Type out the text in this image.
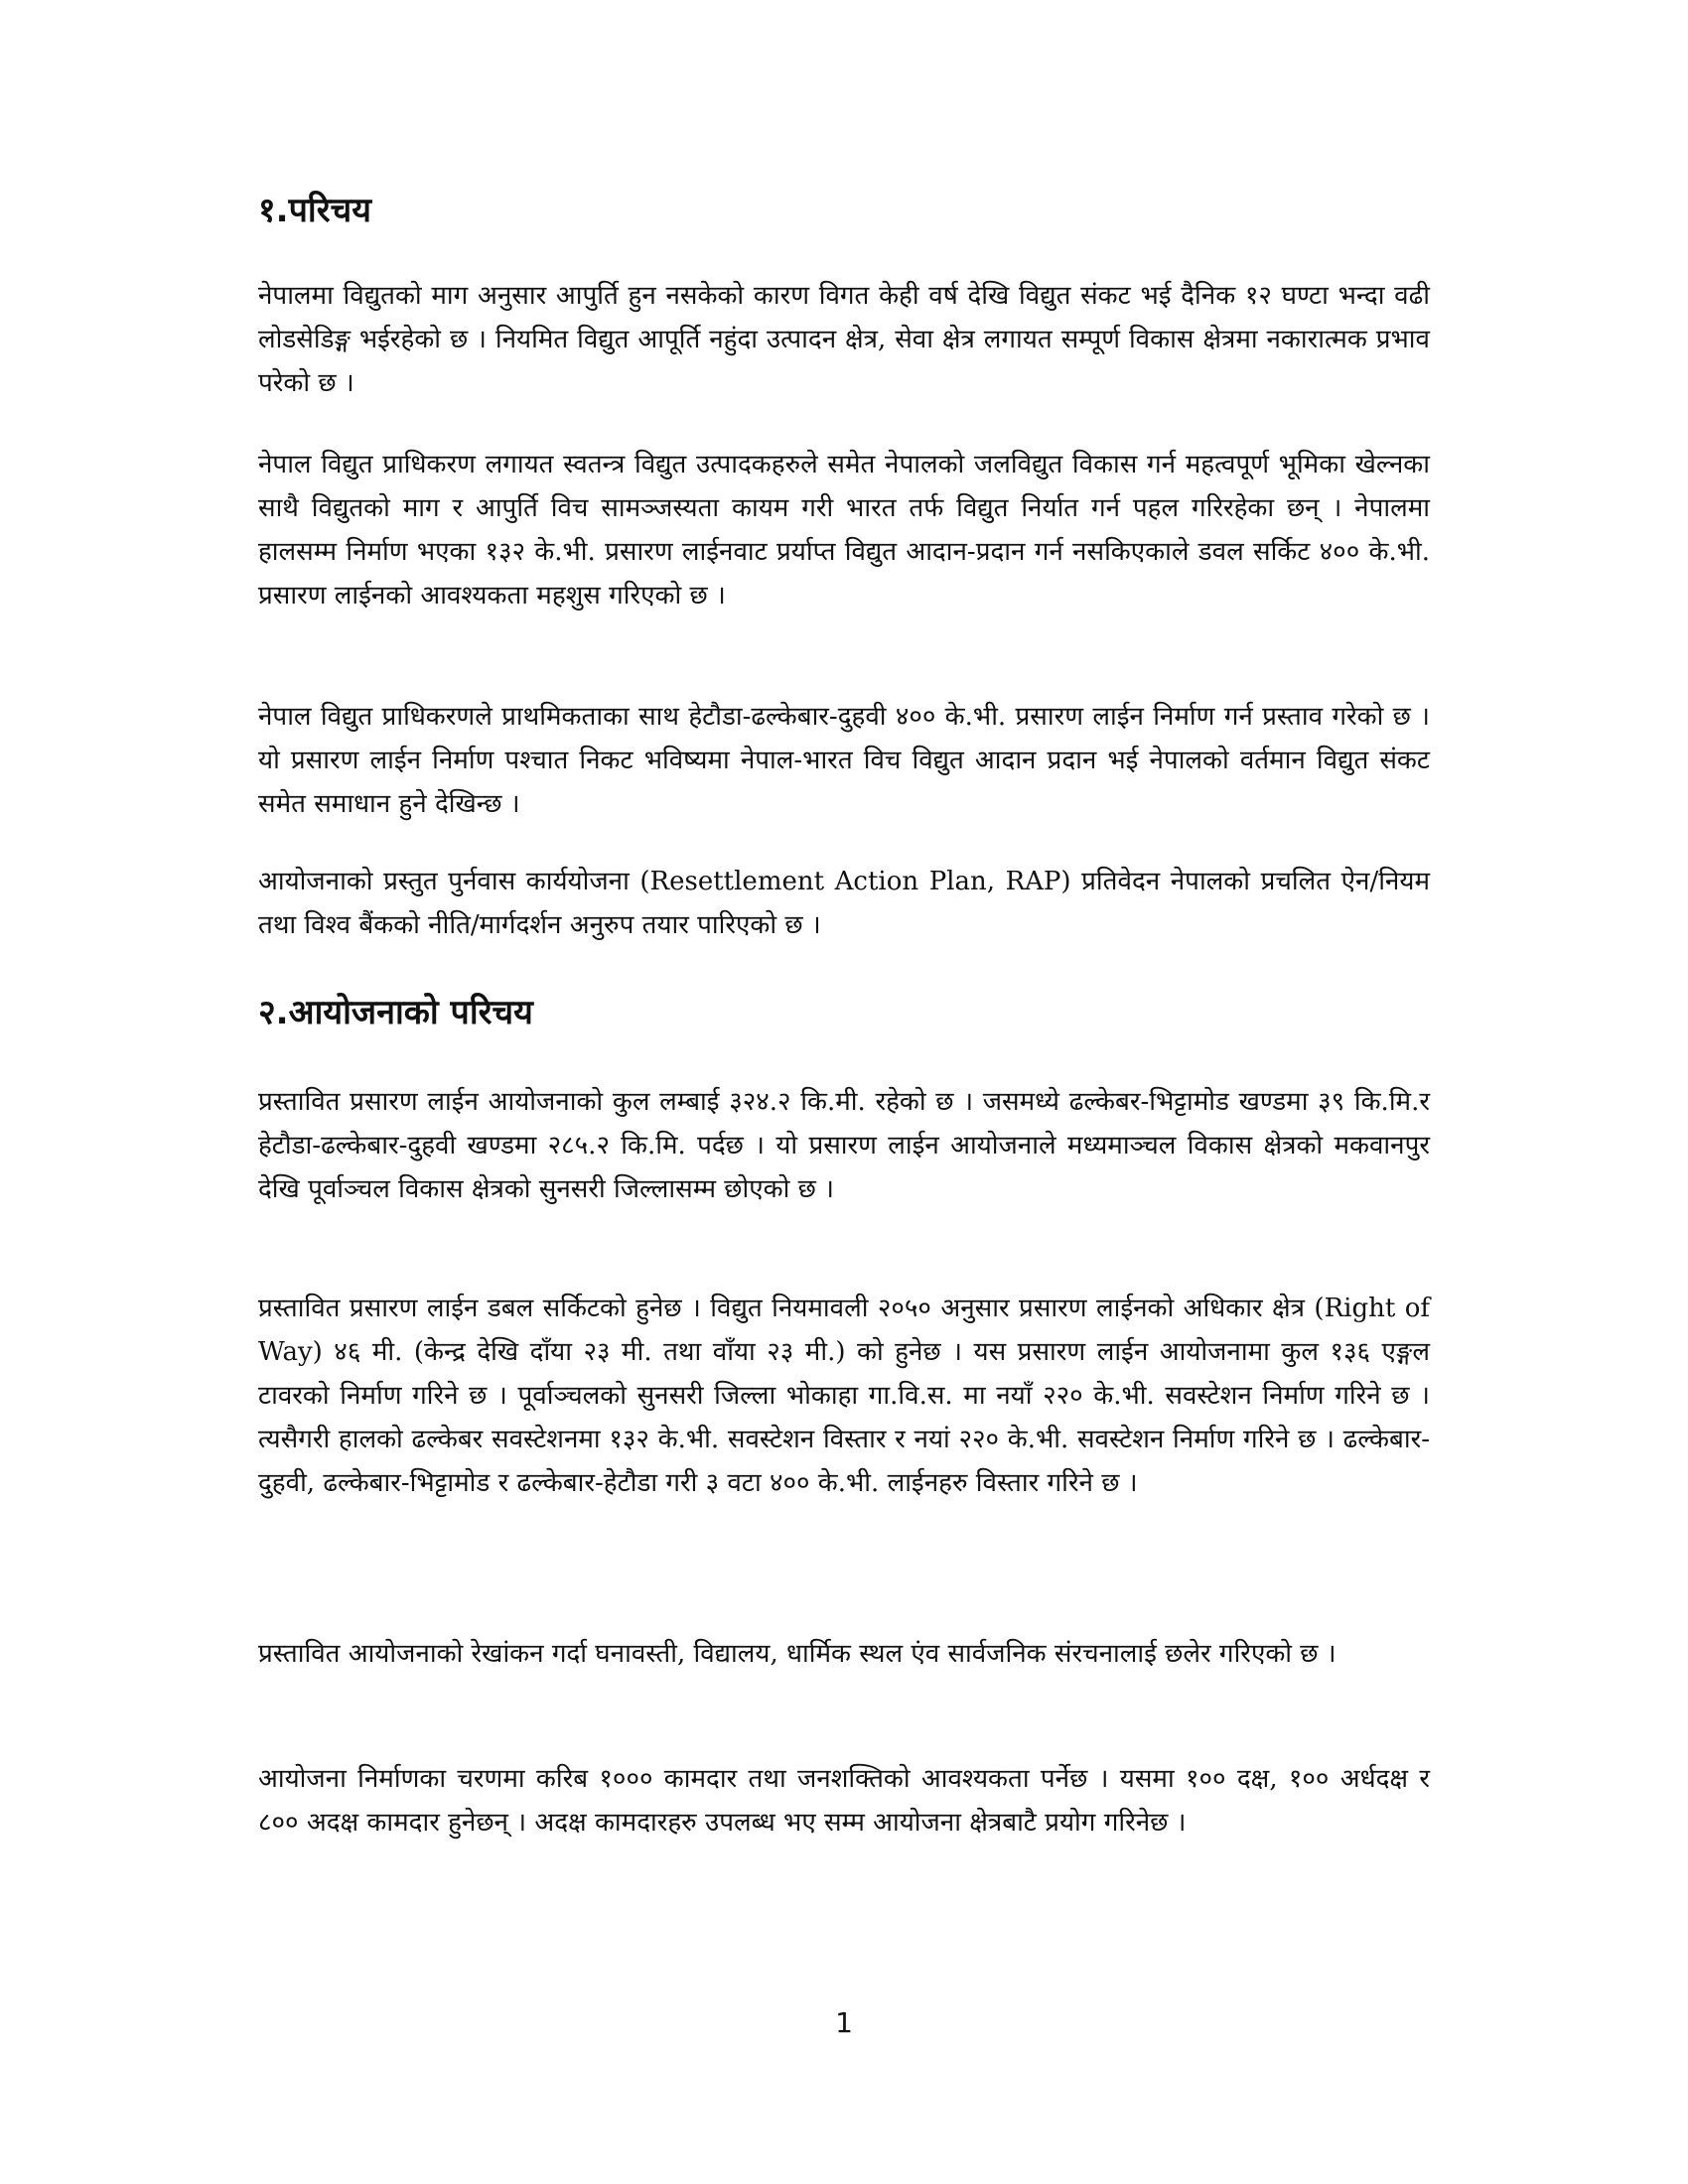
१.परिचय

नेपालमा विद्युतको माग अनुसार आपुर्ति हुन नसकेको कारण विगत केही वर्ष देखि विद्युत संकट भई दैनिक १२ घण्टा भन्दा वढी लोडसेडिङ्ग भईरहेको छ । नियमित विद्युत आपूर्ति नहुंदा उत्पादन क्षेत्र, सेवा क्षेत्र लगायत सम्पूर्ण विकास क्षेत्रमा नकारात्मक प्रभाव परेको छ ।

नेपाल विद्युत प्राधिकरण लगायत स्वतन्त्र विद्युत उत्पादकहरुले समेत नेपालको जलविद्युत विकास गर्न महत्वपूर्ण भूमिका खेल्नका साथै विद्युतको माग र आपुर्ति विच सामञ्जस्यता कायम गरी भारत तर्फ विद्युत निर्यात गर्न पहल गरिरहेका छन् । नेपालमा हालसम्म निर्माण भएका १३२ के.भी. प्रसारण लाईनवाट प्रर्याप्त विद्युत आदान-प्रदान गर्न नसकिएकाले डवल सर्किट ४०० के.भी. प्रसारण लाईनको आवश्यकता महशुस गरिएको छ ।

नेपाल विद्युत प्राधिकरणले प्राथमिकताका साथ हेटौडा-ढल्केबार-दुहवी ४०० के.भी. प्रसारण लाईन निर्माण गर्न प्रस्ताव गरेको छ । यो प्रसारण लाईन निर्माण पश्चात निकट भविष्यमा नेपाल-भारत विच विद्युत आदान प्रदान भई नेपालको वर्तमान विद्युत संकट समेत समाधान हुने देखिन्छ ।

आयोजनाको प्रस्तुत पुर्नवास कार्ययोजना (Resettlement Action Plan, RAP) प्रतिवेदन नेपालको प्रचलित ऐन/नियम तथा विश्व बैंकको नीति/मार्गदर्शन अनुरुप तयार पारिएको छ ।

२.आयोजनाको परिचय

प्रस्तावित प्रसारण लाईन आयोजनाको कुल लम्बाई ३२४.२ कि.मी. रहेको छ । जसमध्ये ढल्केबर-भिट्टामोड खण्डमा ३९ कि.मि.र हेटौडा-ढल्केबार-दुहवी खण्डमा २८५.२ कि.मि. पर्दछ । यो प्रसारण लाईन आयोजनाले मध्यमाञ्चल विकास क्षेत्रको मकवानपुर देखि पूर्वाञ्चल विकास क्षेत्रको सुनसरी जिल्लासम्म छोएको छ ।

प्रस्तावित प्रसारण लाईन डबल सर्किटको हुनेछ । विद्युत नियमावली २०५० अनुसार प्रसारण लाईनको अधिकार क्षेत्र (Right of Way) ४६ मी. (केन्द्र देखि दाँया २३ मी. तथा वाँया २३ मी.) को हुनेछ । यस प्रसारण लाईन आयोजनामा कुल १३६ एङ्गल टावरको निर्माण गरिने छ । पूर्वाञ्चलको सुनसरी जिल्ला भोकाहा गा.वि.स. मा नयाँ २२० के.भी. सवस्टेशन निर्माण गरिने छ । त्यसैगरी हालको ढल्केबर सवस्टेशनमा १३२ के.भी. सवस्टेशन विस्तार र नयां २२० के.भी. सवस्टेशन निर्माण गरिने छ । ढल्केबार-दुहवी, ढल्केबार-भिट्टामोड र ढल्केबार-हेटौडा गरी ३ वटा ४०० के.भी. लाईनहरु विस्तार गरिने छ ।

प्रस्तावित आयोजनाको रेखांकन गर्दा घनावस्ती, विद्यालय, धार्मिक स्थल एंव सार्वजनिक संरचनालाई छलेर गरिएको छ ।

आयोजना निर्माणका चरणमा करिब १००० कामदार तथा जनशक्तिको आवश्यकता पर्नेछ । यसमा १०० दक्ष, १०० अर्धदक्ष र ८०० अदक्ष कामदार हुनेछन् । अदक्ष कामदारहरु उपलब्ध भए सम्म आयोजना क्षेत्रबाटै प्रयोग गरिनेछ ।

1
